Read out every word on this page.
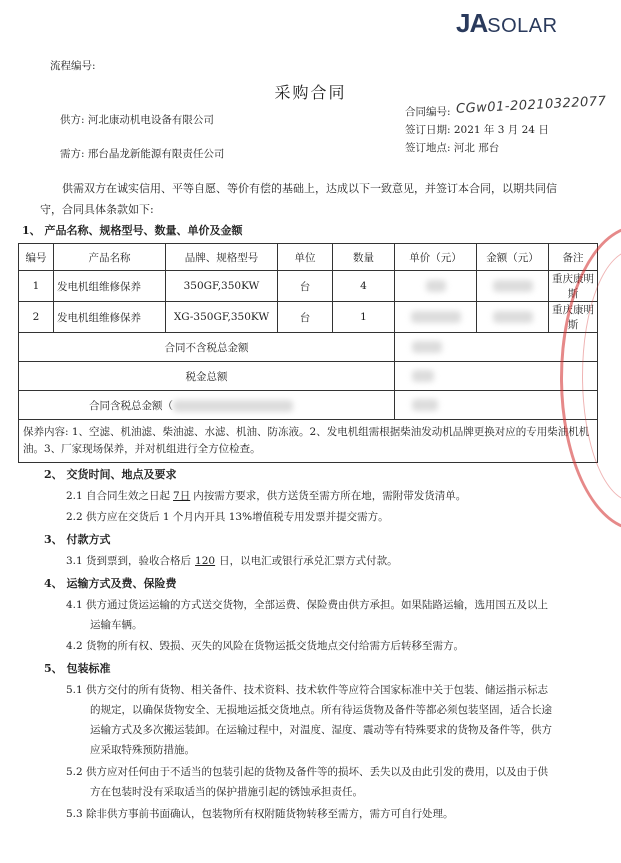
JASOLAR
流程编号:
采购合同
供方: 河北康动机电设备有限公司
需方: 邢台晶龙新能源有限责任公司
合同编号: CGw01-20210322077
签订日期: 2021 年 3 月 24 日
签订地点: 河北 邢台
供需双方在诚实信用、平等自愿、等价有偿的基础上，达成以下一致意见，并签订本合同，以期共同信
守，合同具体条款如下:
1、 产品名称、规格型号、数量、单价及金额
编号	产品名称	品牌、规格型号	单位	数量	单价（元）	金额（元）	备注
1	发电机组维修保养	350GF,350KW	台	4			重庆康明斯
2	发电机组维修保养	XG-350GF,350KW	台	1			重庆康明斯
合同不含税总金额							
税金总额							
合同含税总金额（							
保养内容: 1、空滤、机油滤、柴油滤、水滤、机油、防冻液。2、发电机组需根据柴油发动机品牌更换对应的专用柴油机机油。3、厂家现场保养，并对机组进行全方位检查。							
2、 交货时间、地点及要求
2.1 自合同生效之日起 7日 内按需方要求，供方送货至需方所在地，需附带发货清单。
2.2 供方应在交货后 1 个月内开具 13%增值税专用发票并提交需方。
3、 付款方式
3.1 货到票到，验收合格后 120 日，以电汇或银行承兑汇票方式付款。
4、 运输方式及费、保险费
4.1 供方通过货运运输的方式送交货物，全部运费、保险费由供方承担。如果陆路运输，选用国五及以上
运输车辆。
4.2 货物的所有权、毁损、灭失的风险在货物运抵交货地点交付给需方后转移至需方。
5、 包装标准
5.1 供方交付的所有货物、相关备件、技术资料、技术软件等应符合国家标准中关于包装、储运指示标志
的规定，以确保货物安全、无损地运抵交货地点。所有待运货物及备件等都必须包装坚固，适合长途
运输方式及多次搬运装卸。在运输过程中，对温度、湿度、震动等有特殊要求的货物及备件等，供方
应采取特殊预防措施。
5.2 供方应对任何由于不适当的包装引起的货物及备件等的损坏、丢失以及由此引发的费用，以及由于供
方在包装时没有采取适当的保护措施引起的锈蚀承担责任。
5.3 除非供方事前书面确认，包装物所有权附随货物转移至需方，需方可自行处理。
